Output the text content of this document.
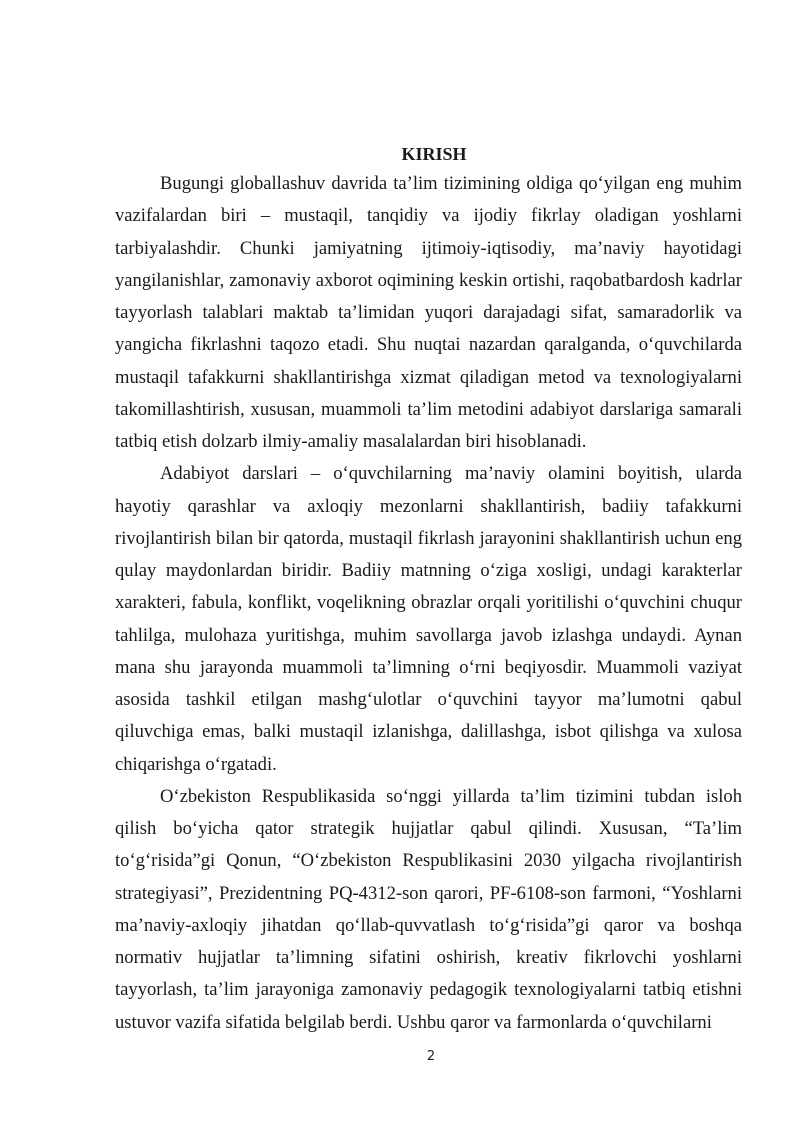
KIRISH

Bugungi globallashuv davrida ta’lim tizimining oldiga qo‘yilgan eng muhim vazifalardan biri – mustaqil, tanqidiy va ijodiy fikrlay oladigan yoshlarni tarbiyalashdir. Chunki jamiyatning ijtimoiy-iqtisodiy, ma’naviy hayotidagi yangilanishlar, zamonaviy axborot oqimining keskin ortishi, raqobatbardosh kadrlar tayyorlash talablari maktab ta’limidan yuqori darajadagi sifat, samaradorlik va yangicha fikrlashni taqozo etadi. Shu nuqtai nazardan qaralganda, o‘quvchilarda mustaqil tafakkurni shakllantirishga xizmat qiladigan metod va texnologiyalarni takomillashtirish, xususan, muammoli ta’lim metodini adabiyot darslariga samarali tatbiq etish dolzarb ilmiy-amaliy masalalardan biri hisoblanadi.

Adabiyot darslari – o‘quvchilarning ma’naviy olamini boyitish, ularda hayotiy qarashlar va axloqiy mezonlarni shakllantirish, badiiy tafakkurni rivojlantirish bilan bir qatorda, mustaqil fikrlash jarayonini shakllantirish uchun eng qulay maydonlardan biridir. Badiiy matnning o‘ziga xosligi, undagi karakterlar xarakteri, fabula, konflikt, voqelikning obrazlar orqali yoritilishi o‘quvchini chuqur tahlilga, mulohaza yuritishga, muhim savollarga javob izlashga undaydi. Aynan mana shu jarayonda muammoli ta’limning o‘rni beqiyosdir. Muammoli vaziyat asosida tashkil etilgan mashg‘ulotlar o‘quvchini tayyor ma’lumotni qabul qiluvchiga emas, balki mustaqil izlanishga, dalillashga, isbot qilishga va xulosa chiqarishga o‘rgatadi.

O‘zbekiston Respublikasida so‘nggi yillarda ta’lim tizimini tubdan isloh qilish bo‘yicha qator strategik hujjatlar qabul qilindi. Xususan, “Ta’lim to‘g‘risida”gi Qonun, “O‘zbekiston Respublikasini 2030 yilgacha rivojlantirish strategiyasi”, Prezidentning PQ-4312-son qarori, PF-6108-son farmoni, “Yoshlarni ma’naviy-axloqiy jihatdan qo‘llab-quvvatlash to‘g‘risida”gi qaror va boshqa normativ hujjatlar ta’limning sifatini oshirish, kreativ fikrlovchi yoshlarni tayyorlash, ta’lim jarayoniga zamonaviy pedagogik texnologiyalarni tatbiq etishni ustuvor vazifa sifatida belgilab berdi. Ushbu qaror va farmonlarda o‘quvchilarni

2
